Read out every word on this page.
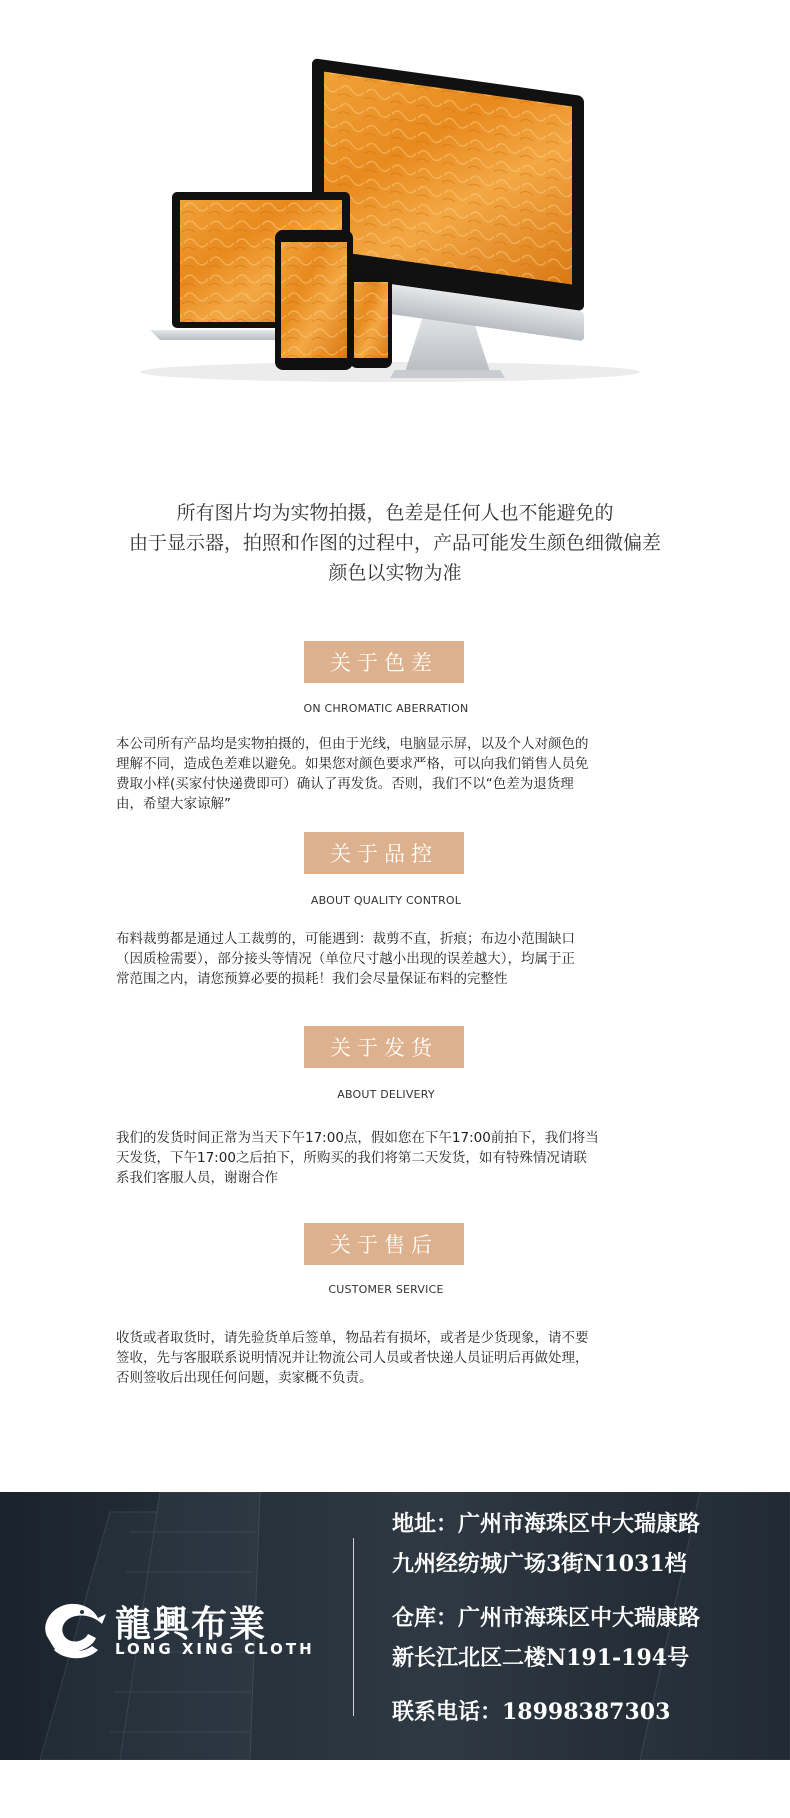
所有图片均为实物拍摄，色差是任何人也不能避免的
由于显示器，拍照和作图的过程中，产品可能发生颜色细微偏差
颜色以实物为准
关于色差
ON CHROMATIC ABERRATION
本公司所有产品均是实物拍摄的，但由于光线，电脑显示屏，以及个人对颜色的
理解不同，造成色差难以避免。如果您对颜色要求严格，可以向我们销售人员免
费取小样(买家付快递费即可）确认了再发货。否则，我们不以“色差为退货理
由，希望大家谅解”
关于品控
ABOUT QUALITY CONTROL
布料裁剪都是通过人工裁剪的，可能遇到：裁剪不直，折痕；布边小范围缺口
（因质检需要），部分接头等情况（单位尺寸越小出现的误差越大），均属于正
常范围之内，请您预算必要的损耗！我们会尽量保证布料的完整性
关于发货
ABOUT DELIVERY
我们的发货时间正常为当天下午17:00点，假如您在下午17:00前拍下，我们将当
天发货，下午17:00之后拍下，所购买的我们将第二天发货，如有特殊情况请联
系我们客服人员，谢谢合作
关于售后
CUSTOMER SERVICE
收货或者取货时，请先验货单后签单，物品若有损坏，或者是少货现象，请不要
签收，先与客服联系说明情况并让物流公司人员或者快递人员证明后再做处理，
否则签收后出现任何问题，卖家概不负责。
龍興布業
LONG XING CLOTH
地址：广州市海珠区中大瑞康路
九州经纺城广场3街N1031档
仓库：广州市海珠区中大瑞康路
新长江北区二楼N191-194号
联系电话：18998387303
